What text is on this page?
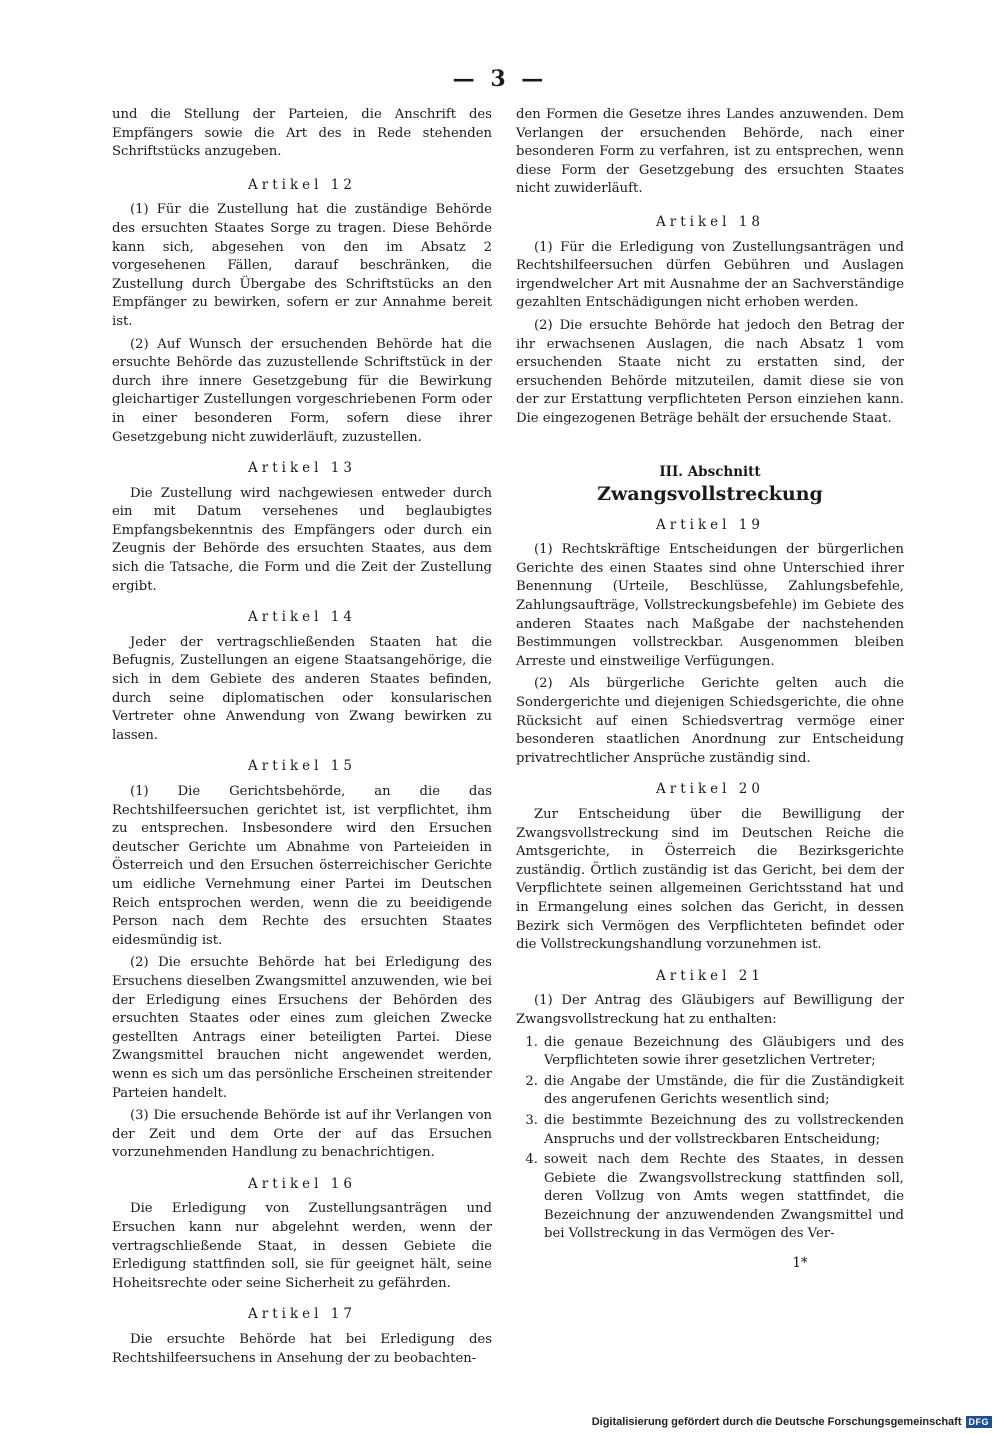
— 3 —

und die Stellung der Parteien, die Anschrift des Empfängers sowie die Art des in Rede stehenden Schriftstücks anzugeben.

Artikel 12

(1) Für die Zustellung hat die zuständige Behörde des ersuchten Staates Sorge zu tragen. Diese Behörde kann sich, abgesehen von den im Absatz 2 vorgesehenen Fällen, darauf beschränken, die Zustellung durch Übergabe des Schriftstücks an den Empfänger zu bewirken, sofern er zur Annahme bereit ist.

(2) Auf Wunsch der ersuchenden Behörde hat die ersuchte Behörde das zuzustellende Schriftstück in der durch ihre innere Gesetzgebung für die Bewirkung gleichartiger Zustellungen vorgeschriebenen Form oder in einer besonderen Form, sofern diese ihrer Gesetzgebung nicht zuwiderläuft, zuzustellen.

Artikel 13

Die Zustellung wird nachgewiesen entweder durch ein mit Datum versehenes und beglaubigtes Empfangsbekenntnis des Empfängers oder durch ein Zeugnis der Behörde des ersuchten Staates, aus dem sich die Tatsache, die Form und die Zeit der Zustellung ergibt.

Artikel 14

Jeder der vertragschließenden Staaten hat die Befugnis, Zustellungen an eigene Staatsangehörige, die sich in dem Gebiete des anderen Staates befinden, durch seine diplomatischen oder konsularischen Vertreter ohne Anwendung von Zwang bewirken zu lassen.

Artikel 15

(1) Die Gerichtsbehörde, an die das Rechtshilfeersuchen gerichtet ist, ist verpflichtet, ihm zu entsprechen. Insbesondere wird den Ersuchen deutscher Gerichte um Abnahme von Parteieiden in Österreich und den Ersuchen österreichischer Gerichte um eidliche Vernehmung einer Partei im Deutschen Reich entsprochen werden, wenn die zu beeidigende Person nach dem Rechte des ersuchten Staates eidesmündig ist.

(2) Die ersuchte Behörde hat bei Erledigung des Ersuchens dieselben Zwangsmittel anzuwenden, wie bei der Erledigung eines Ersuchens der Behörden des ersuchten Staates oder eines zum gleichen Zwecke gestellten Antrags einer beteiligten Partei. Diese Zwangsmittel brauchen nicht angewendet werden, wenn es sich um das persönliche Erscheinen streitender Parteien handelt.

(3) Die ersuchende Behörde ist auf ihr Verlangen von der Zeit und dem Orte der auf das Ersuchen vorzunehmenden Handlung zu benachrichtigen.

Artikel 16

Die Erledigung von Zustellungsanträgen und Ersuchen kann nur abgelehnt werden, wenn der vertragschließende Staat, in dessen Gebiete die Erledigung stattfinden soll, sie für geeignet hält, seine Hoheitsrechte oder seine Sicherheit zu gefährden.

Artikel 17

Die ersuchte Behörde hat bei Erledigung des Rechtshilfeersuchens in Ansehung der zu beobachten-

den Formen die Gesetze ihres Landes anzuwenden. Dem Verlangen der ersuchenden Behörde, nach einer besonderen Form zu verfahren, ist zu entsprechen, wenn diese Form der Gesetzgebung des ersuchten Staates nicht zuwiderläuft.

Artikel 18

(1) Für die Erledigung von Zustellungsanträgen und Rechtshilfeersuchen dürfen Gebühren und Auslagen irgendwelcher Art mit Ausnahme der an Sachverständige gezahlten Entschädigungen nicht erhoben werden.

(2) Die ersuchte Behörde hat jedoch den Betrag der ihr erwachsenen Auslagen, die nach Absatz 1 vom ersuchenden Staate nicht zu erstatten sind, der ersuchenden Behörde mitzuteilen, damit diese sie von der zur Erstattung verpflichteten Person einziehen kann. Die eingezogenen Beträge behält der ersuchende Staat.

III. Abschnitt
Zwangsvollstreckung
Artikel 19

(1) Rechtskräftige Entscheidungen der bürgerlichen Gerichte des einen Staates sind ohne Unterschied ihrer Benennung (Urteile, Beschlüsse, Zahlungsbefehle, Zahlungsaufträge, Vollstreckungsbefehle) im Gebiete des anderen Staates nach Maßgabe der nachstehenden Bestimmungen vollstreckbar. Ausgenommen bleiben Arreste und einstweilige Verfügungen.

(2) Als bürgerliche Gerichte gelten auch die Sondergerichte und diejenigen Schiedsgerichte, die ohne Rücksicht auf einen Schiedsvertrag vermöge einer besonderen staatlichen Anordnung zur Entscheidung privatrechtlicher Ansprüche zuständig sind.

Artikel 20

Zur Entscheidung über die Bewilligung der Zwangsvollstreckung sind im Deutschen Reiche die Amtsgerichte, in Österreich die Bezirksgerichte zuständig. Örtlich zuständig ist das Gericht, bei dem der Verpflichtete seinen allgemeinen Gerichtsstand hat und in Ermangelung eines solchen das Gericht, in dessen Bezirk sich Vermögen des Verpflichteten befindet oder die Vollstreckungshandlung vorzunehmen ist.

Artikel 21

(1) Der Antrag des Gläubigers auf Bewilligung der Zwangsvollstreckung hat zu enthalten:

1. die genaue Bezeichnung des Gläubigers und des Verpflichteten sowie ihrer gesetzlichen Vertreter;
2. die Angabe der Umstände, die für die Zuständigkeit des angerufenen Gerichts wesentlich sind;
3. die bestimmte Bezeichnung des zu vollstreckenden Anspruchs und der vollstreckbaren Entscheidung;
4. soweit nach dem Rechte des Staates, in dessen Gebiete die Zwangsvollstreckung stattfinden soll, deren Vollzug von Amts wegen stattfindet, die Bezeichnung der anzuwendenden Zwangsmittel und bei Vollstreckung in das Vermögen des Ver-
1*
Digitalisierung gefördert durch die Deutsche Forschungsgemeinschaft DFG
